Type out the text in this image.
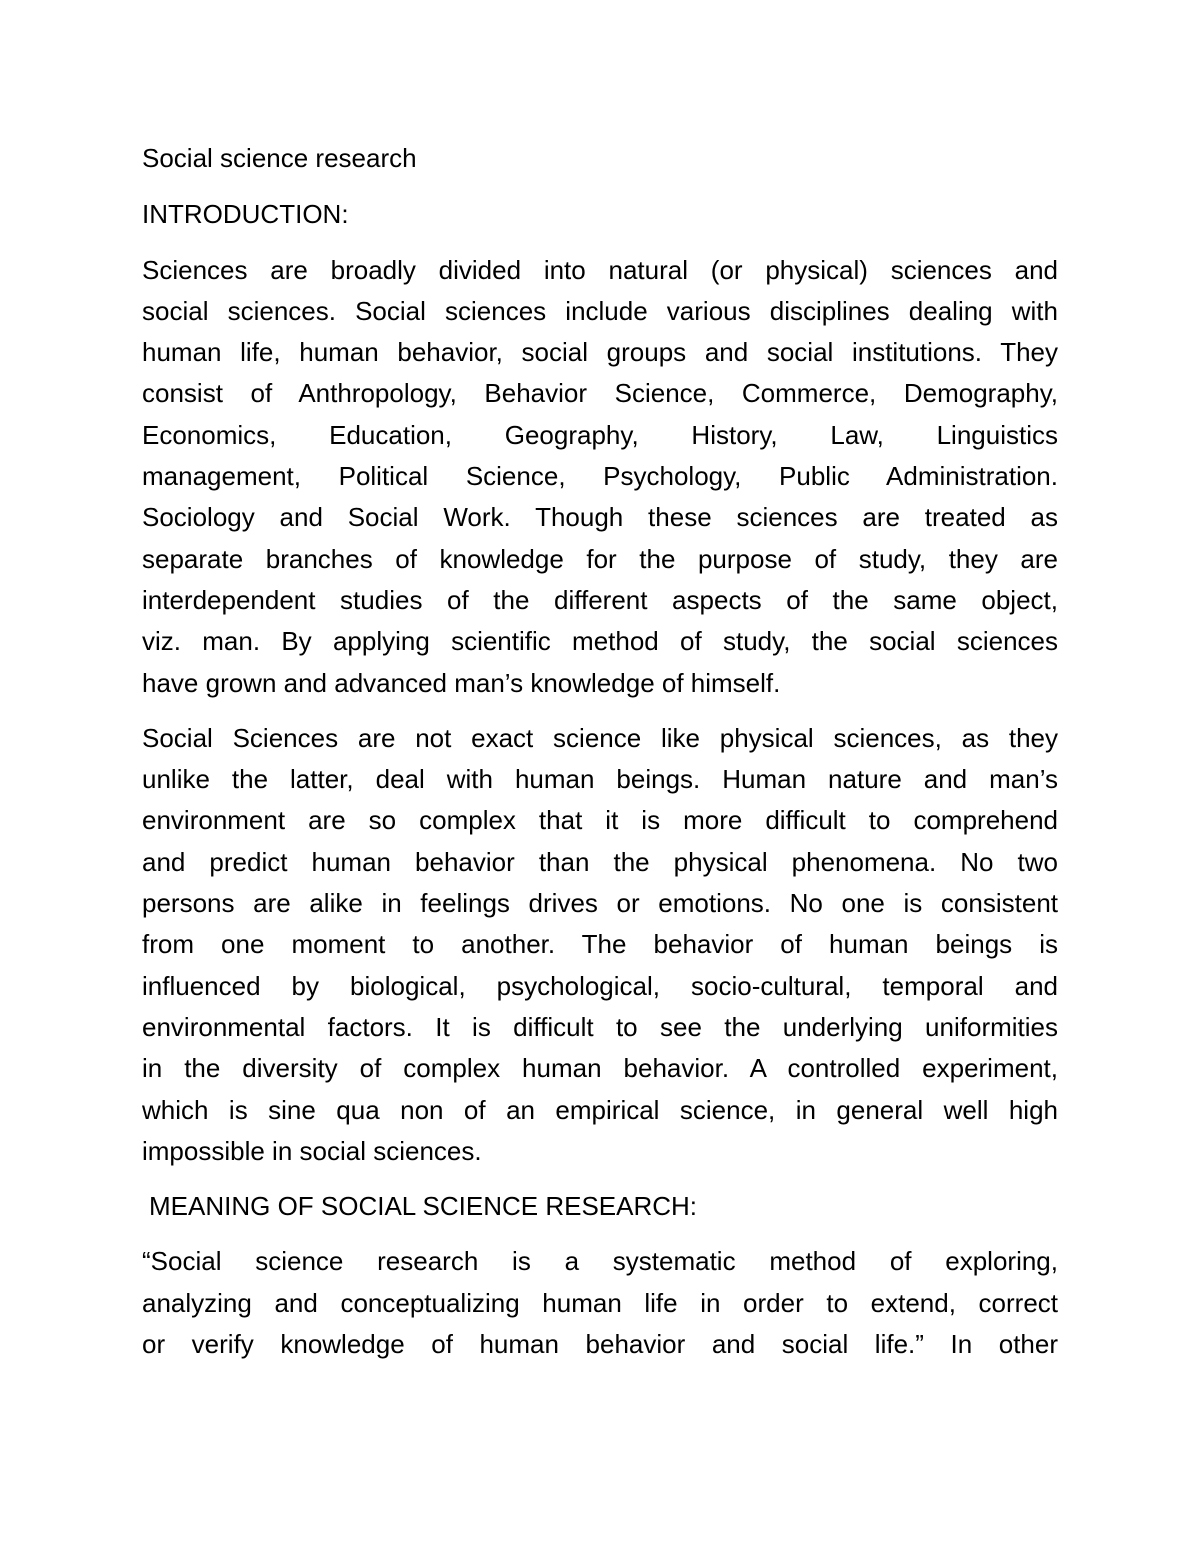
Social science research

INTRODUCTION:

Sciences are broadly divided into natural (or physical) sciences and
social sciences. Social sciences include various disciplines dealing with
human life, human behavior, social groups and social institutions. They
consist of Anthropology, Behavior Science, Commerce, Demography,
Economics, Education, Geography, History, Law, Linguistics
management, Political Science, Psychology, Public Administration.
Sociology and Social Work. Though these sciences are treated as
separate branches of knowledge for the purpose of study, they are
interdependent studies of the different aspects of the same object,
viz. man. By applying scientific method of study, the social sciences
have grown and advanced man’s knowledge of himself.
Social Sciences are not exact science like physical sciences, as they
unlike the latter, deal with human beings. Human nature and man’s
environment are so complex that it is more difficult to comprehend
and predict human behavior than the physical phenomena. No two
persons are alike in feelings drives or emotions. No one is consistent
from one moment to another. The behavior of human beings is
influenced by biological, psychological, socio-cultural, temporal and
environmental factors. It is difficult to see the underlying uniformities
in the diversity of complex human behavior. A controlled experiment,
which is sine qua non of an empirical science, in general well high
impossible in social sciences.

MEANING OF SOCIAL SCIENCE RESEARCH:

“Social science research is a systematic method of exploring,
analyzing and conceptualizing human life in order to extend, correct
or verify knowledge of human behavior and social life.” In other
